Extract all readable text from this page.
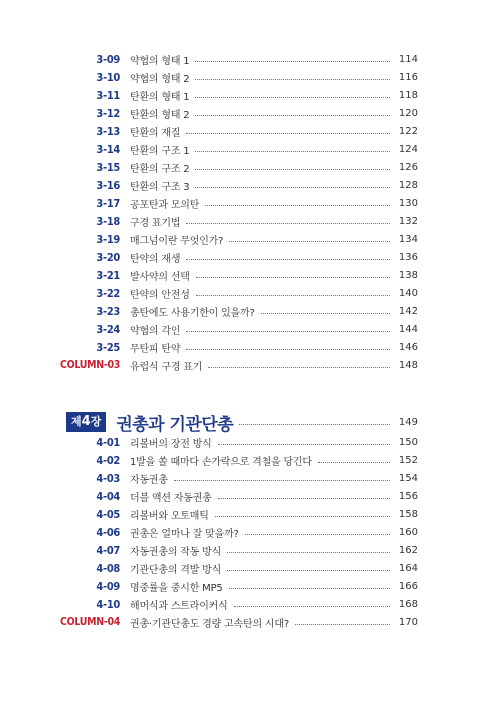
3-09 약협의 형태 1	114
3-10 약협의 형태 2	116
3-11 탄환의 형태 1	118
3-12 탄환의 형태 2	120
3-13 탄환의 재질	122
3-14 탄환의 구조 1	124
3-15 탄환의 구조 2	126
3-16 탄환의 구조 3	128
3-17 공포탄과 모의탄	130
3-18 구경 표기법	132
3-19 매그넘이란 무엇인가?	134
3-20 탄약의 재생	136
3-21 발사약의 선택	138
3-22 탄약의 안전성	140
3-23 총탄에도 사용기한이 있을까?	142
3-24 약협의 각인	144
3-25 무탄피 탄약	146
COLUMN-03 유럽식 구경 표기	148
제4장 권총과 기관단총	149
4-01 리볼버의 장전 방식	150
4-02 1발을 쏠 때마다 손가락으로 격철을 당긴다	152
4-03 자동권총	154
4-04 더블 액션 자동권총	156
4-05 리볼버와 오토매틱	158
4-06 권총은 얼마나 잘 맞을까?	160
4-07 자동권총의 작동 방식	162
4-08 기관단총의 격발 방식	164
4-09 명중률을 중시한 MP5	166
4-10 해머식과 스트라이커식	168
COLUMN-04 권총·기관단총도 경량 고속탄의 시대?	170
